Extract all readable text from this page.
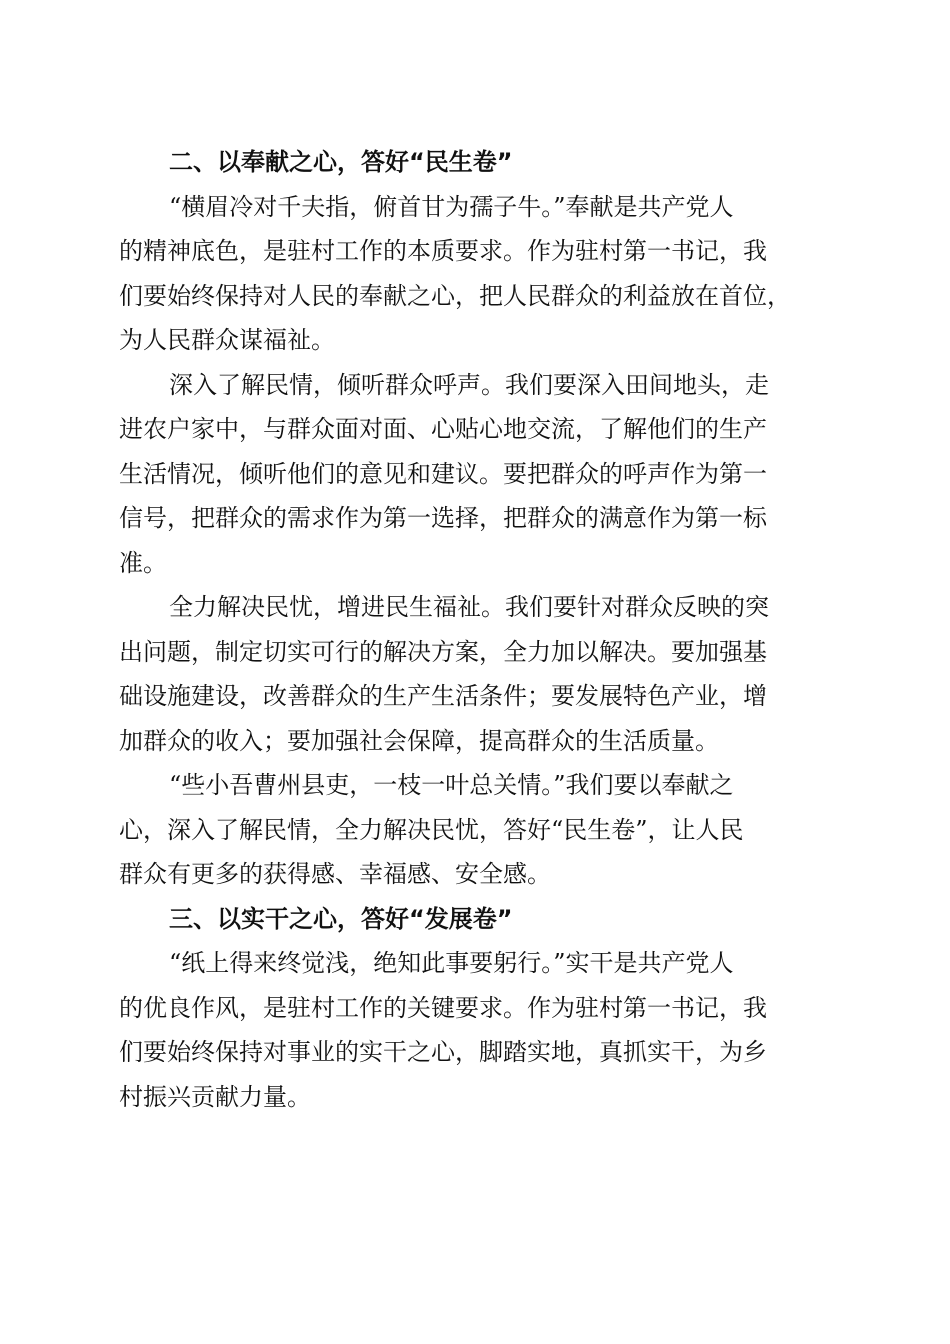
二、以奉献之心，答好“民生卷”

“横眉冷对千夫指，俯首甘为孺子牛。”奉献是共产党人
的精神底色，是驻村工作的本质要求。作为驻村第一书记，我
们要始终保持对人民的奉献之心，把人民群众的利益放在首位，
为人民群众谋福祉。

深入了解民情，倾听群众呼声。我们要深入田间地头，走
进农户家中，与群众面对面、心贴心地交流，了解他们的生产
生活情况，倾听他们的意见和建议。要把群众的呼声作为第一
信号，把群众的需求作为第一选择，把群众的满意作为第一标
准。

全力解决民忧，增进民生福祉。我们要针对群众反映的突
出问题，制定切实可行的解决方案，全力加以解决。要加强基
础设施建设，改善群众的生产生活条件；要发展特色产业，增
加群众的收入；要加强社会保障，提高群众的生活质量。

“些小吾曹州县吏，一枝一叶总关情。”我们要以奉献之
心，深入了解民情，全力解决民忧，答好“民生卷”，让人民
群众有更多的获得感、幸福感、安全感。

三、以实干之心，答好“发展卷”

“纸上得来终觉浅，绝知此事要躬行。”实干是共产党人
的优良作风，是驻村工作的关键要求。作为驻村第一书记，我
们要始终保持对事业的实干之心，脚踏实地，真抓实干，为乡
村振兴贡献力量。
